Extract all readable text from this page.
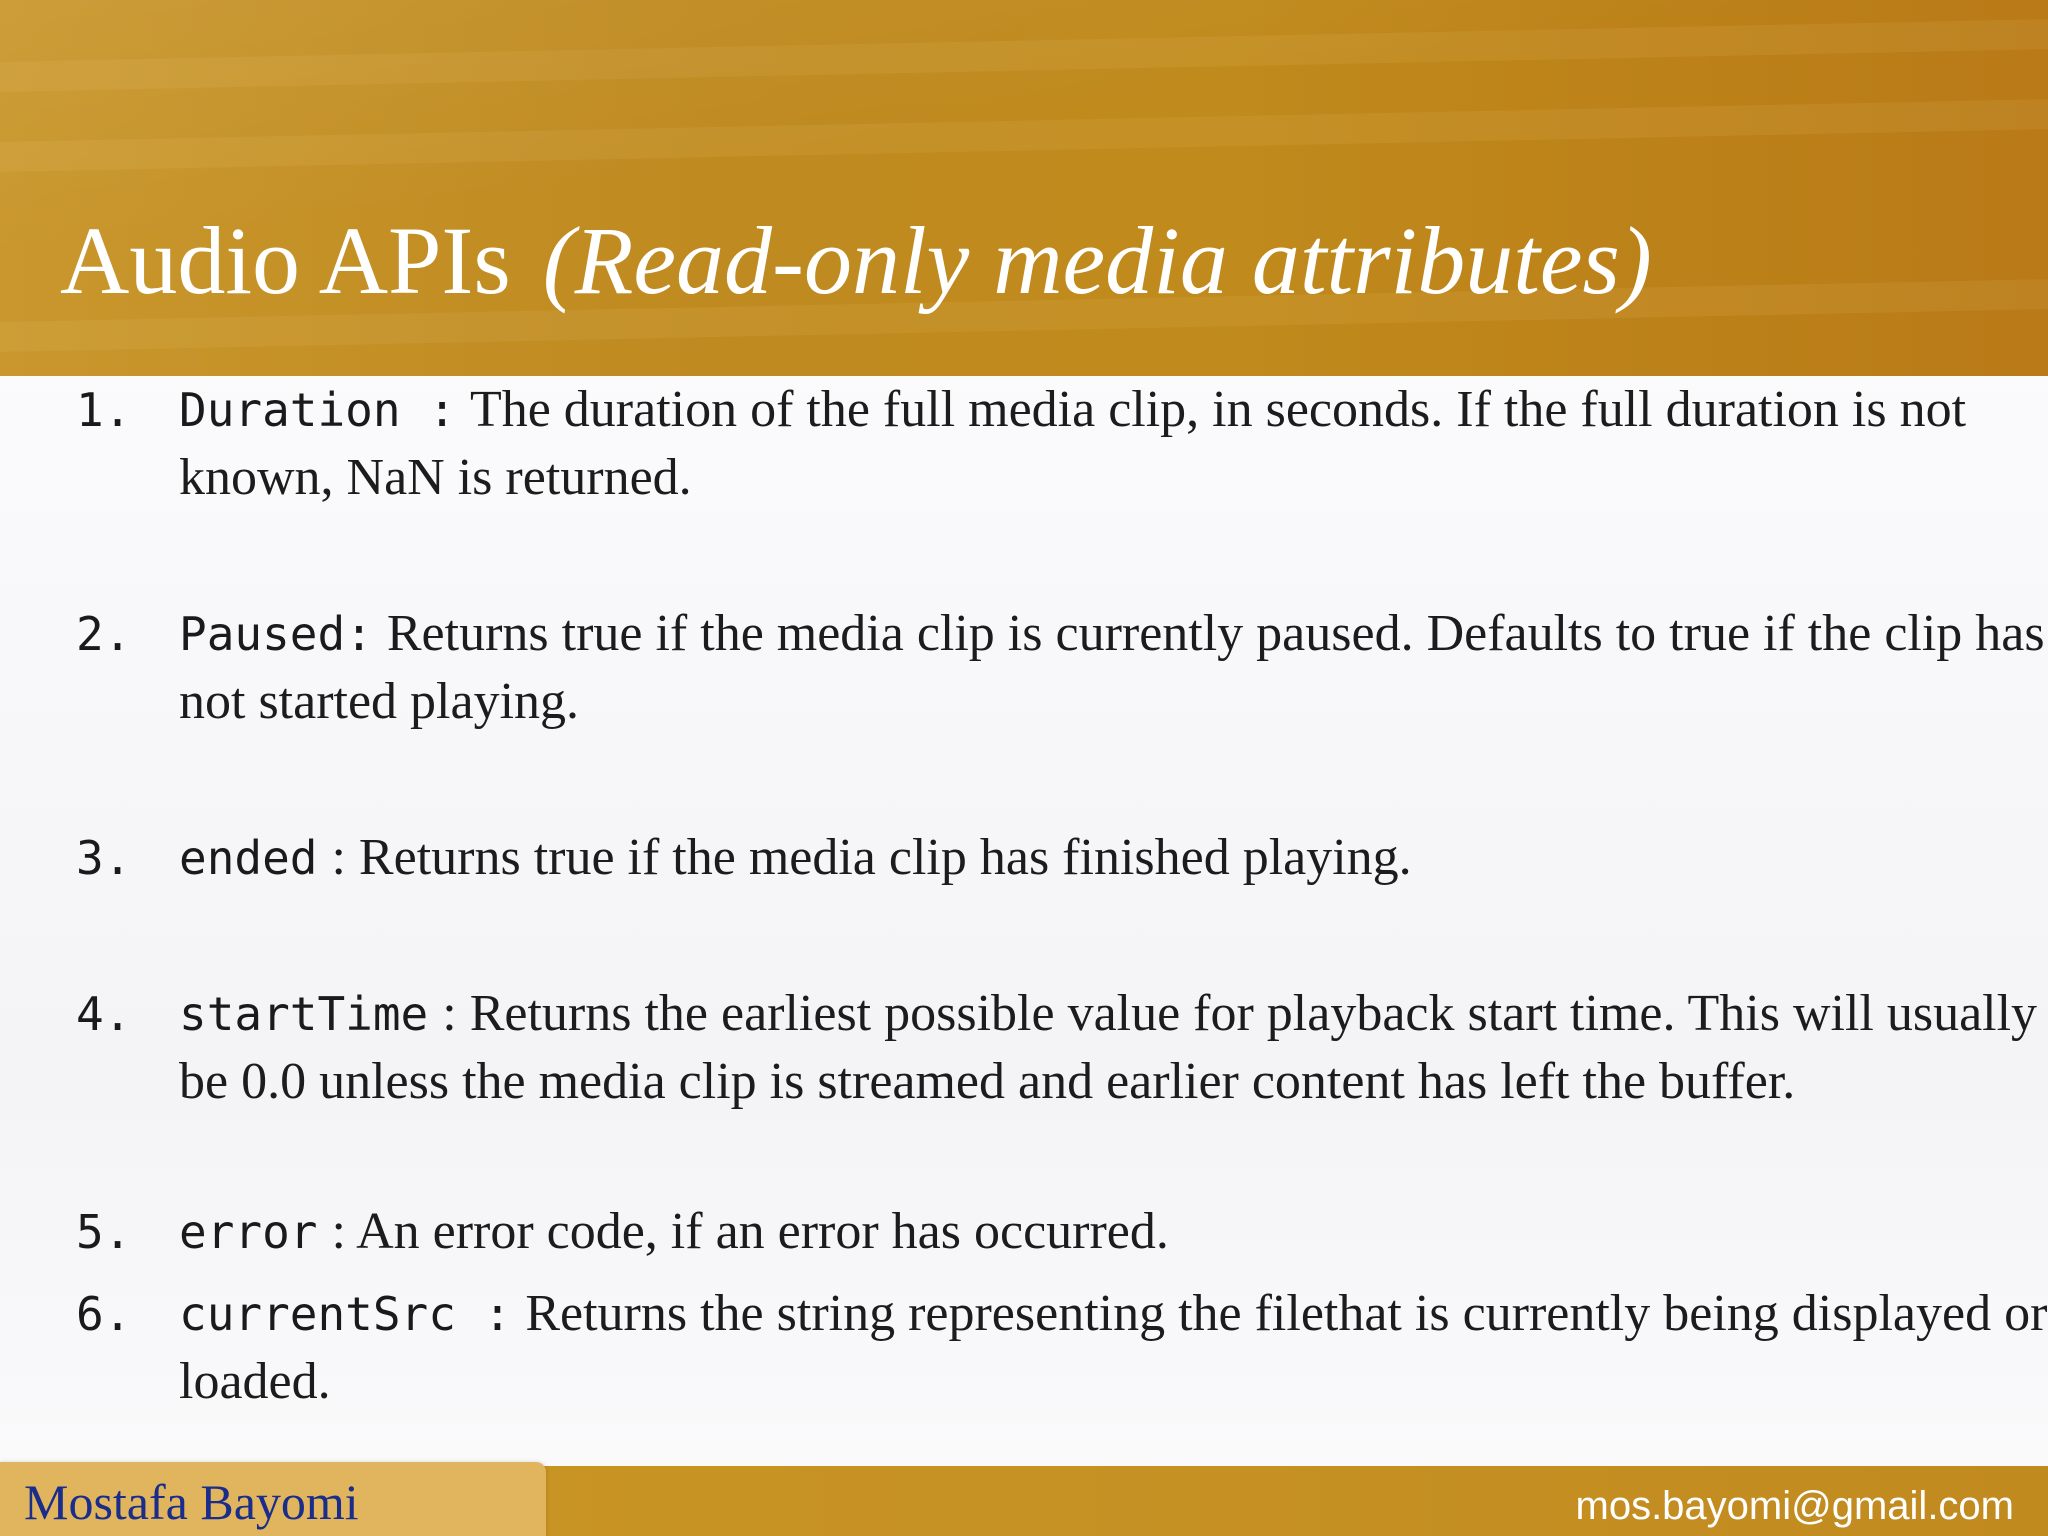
Audio APIs (Read-only media attributes)
1. Duration : The duration of the full media clip, in seconds. If the full duration is not known, NaN is returned.
2. Paused: Returns true if the media clip is currently paused. Defaults to true if the clip has not started playing.
3. ended : Returns true if the media clip has finished playing.
4. startTime : Returns the earliest possible value for playback start time. This will usually be 0.0 unless the media clip is streamed and earlier content has left the buffer.
5. error : An error code, if an error has occurred.
6. currentSrc : Returns the string representing the filethat is currently being displayed or loaded.
Mostafa Bayomi	mos.bayomi@gmail.com
